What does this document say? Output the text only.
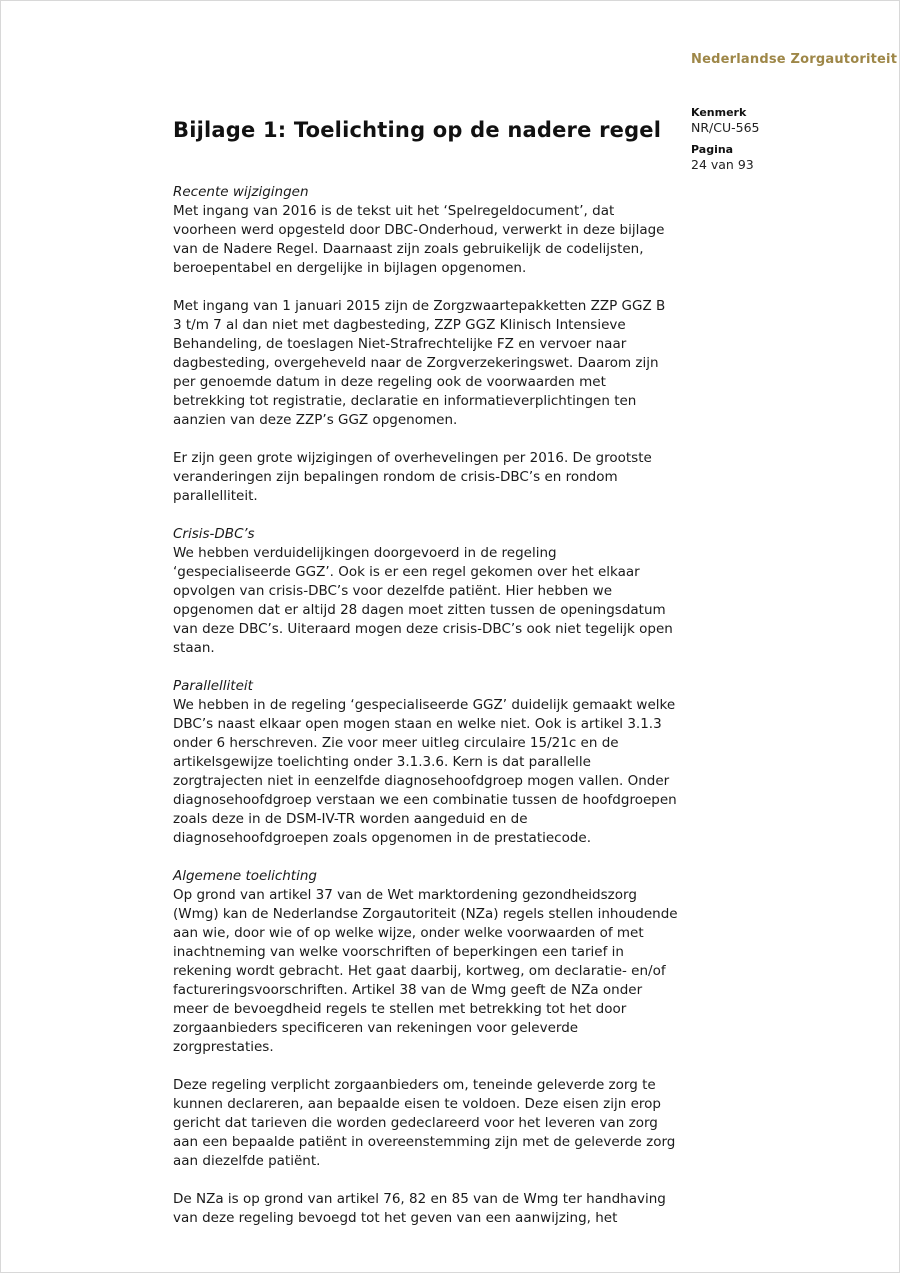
Nederlandse Zorgautoriteit
Kenmerk
NR/CU-565
Pagina
24 van 93
Bijlage 1: Toelichting op de nadere regel
Recente wijzigingen

Met ingang van 2016 is de tekst uit het ‘Spelregeldocument’, dat voorheen werd opgesteld door DBC-Onderhoud, verwerkt in deze bijlage van de Nadere Regel. Daarnaast zijn zoals gebruikelijk de codelijsten, beroepentabel en dergelijke in bijlagen opgenomen.

Met ingang van 1 januari 2015 zijn de Zorgzwaartepakketten ZZP GGZ B 3 t/m 7 al dan niet met dagbesteding, ZZP GGZ Klinisch Intensieve Behandeling, de toeslagen Niet-Strafrechtelijke FZ en vervoer naar dagbesteding, overgeheveld naar de Zorgverzekeringswet. Daarom zijn per genoemde datum in deze regeling ook de voorwaarden met betrekking tot registratie, declaratie en informatieverplichtingen ten aanzien van deze ZZP’s GGZ opgenomen.

Er zijn geen grote wijzigingen of overhevelingen per 2016. De grootste veranderingen zijn bepalingen rondom de crisis-DBC’s en rondom parallelliteit.

Crisis-DBC’s

We hebben verduidelijkingen doorgevoerd in de regeling ‘gespecialiseerde GGZ’. Ook is er een regel gekomen over het elkaar opvolgen van crisis-DBC’s voor dezelfde patiënt. Hier hebben we opgenomen dat er altijd 28 dagen moet zitten tussen de openingsdatum van deze DBC’s. Uiteraard mogen deze crisis-DBC’s ook niet tegelijk open staan.

Parallelliteit

We hebben in de regeling ‘gespecialiseerde GGZ’ duidelijk gemaakt welke DBC’s naast elkaar open mogen staan en welke niet. Ook is artikel 3.1.3 onder 6 herschreven. Zie voor meer uitleg circulaire 15/21c en de artikelsgewijze toelichting onder 3.1.3.6. Kern is dat parallelle zorgtrajecten niet in eenzelfde diagnosehoofdgroep mogen vallen. Onder diagnosehoofdgroep verstaan we een combinatie tussen de hoofdgroepen zoals deze in de DSM-IV-TR worden aangeduid en de diagnosehoofdgroepen zoals opgenomen in de prestatiecode.

Algemene toelichting

Op grond van artikel 37 van de Wet marktordening gezondheidszorg (Wmg) kan de Nederlandse Zorgautoriteit (NZa) regels stellen inhoudende aan wie, door wie of op welke wijze, onder welke voorwaarden of met inachtneming van welke voorschriften of beperkingen een tarief in rekening wordt gebracht. Het gaat daarbij, kortweg, om declaratie- en/of factureringsvoorschriften. Artikel 38 van de Wmg geeft de NZa onder meer de bevoegdheid regels te stellen met betrekking tot het door zorgaanbieders specificeren van rekeningen voor geleverde zorgprestaties.

Deze regeling verplicht zorgaanbieders om, teneinde geleverde zorg te kunnen declareren, aan bepaalde eisen te voldoen. Deze eisen zijn erop gericht dat tarieven die worden gedeclareerd voor het leveren van zorg aan een bepaalde patiënt in overeenstemming zijn met de geleverde zorg aan diezelfde patiënt.

De NZa is op grond van artikel 76, 82 en 85 van de Wmg ter handhaving van deze regeling bevoegd tot het geven van een aanwijzing, het
